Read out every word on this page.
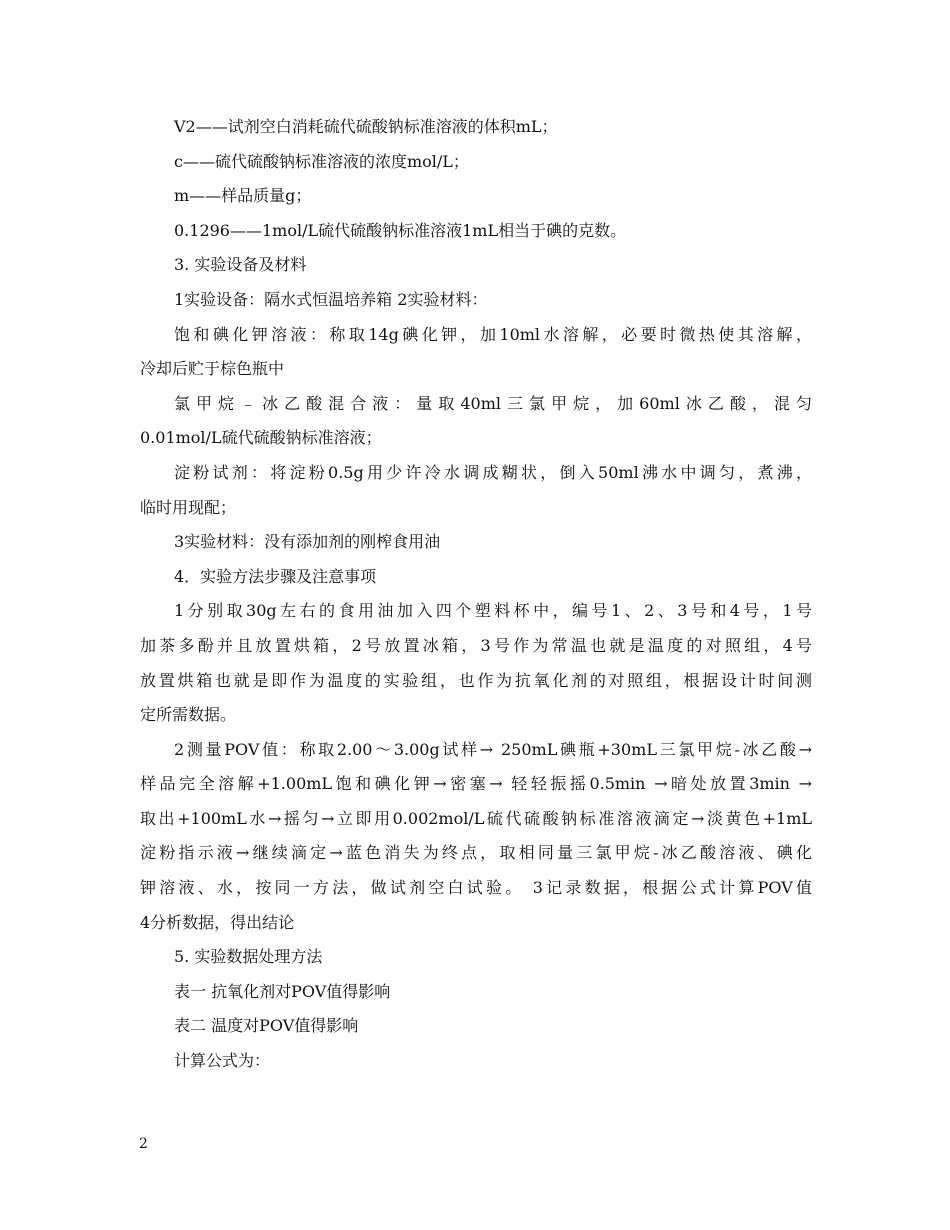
V2——试剂空白消耗硫代硫酸钠标准溶液的体积mL；

c——硫代硫酸钠标准溶液的浓度mol/L；

m——样品质量g；

0.1296——1mol/L硫代硫酸钠标准溶液1mL相当于碘的克数。

3. 实验设备及材料

1实验设备：隔水式恒温培养箱 2实验材料：

饱和碘化钾溶液：称取14g碘化钾，加10ml水溶解，必要时微热使其溶解，

冷却后贮于棕色瓶中

氯甲烷﹣冰乙酸混合液：量取40ml三氯甲烷，加60ml冰乙酸，混匀

0.01mol/L硫代硫酸钠标准溶液；

淀粉试剂：将淀粉0.5g用少许冷水调成糊状，倒入50ml沸水中调匀，煮沸，

临时用现配；

3实验材料：没有添加剂的刚榨食用油

4．实验方法步骤及注意事项

1分别取30g左右的食用油加入四个塑料杯中，编号1、2、3号和4号，1号

加茶多酚并且放置烘箱，2号放置冰箱，3号作为常温也就是温度的对照组，4号

放置烘箱也就是即作为温度的实验组，也作为抗氧化剂的对照组，根据设计时间测

定所需数据。

2测量POV值：称取2.00～3.00g试样→ 250mL碘瓶+30mL三氯甲烷-冰乙酸→

样品完全溶解+1.00mL饱和碘化钾→密塞→ 轻轻振摇0.5min →暗处放置3min →

取出+100mL水→摇匀→立即用0.002mol/L硫代硫酸钠标准溶液滴定→淡黄色+1mL

淀粉指示液→继续滴定→蓝色消失为终点，取相同量三氯甲烷-冰乙酸溶液、碘化

钾溶液、水，按同一方法，做试剂空白试验。 3记录数据，根据公式计算POV值

4分析数据，得出结论

5. 实验数据处理方法

表一 抗氧化剂对POV值得影响

表二 温度对POV值得影响

计算公式为：

2
